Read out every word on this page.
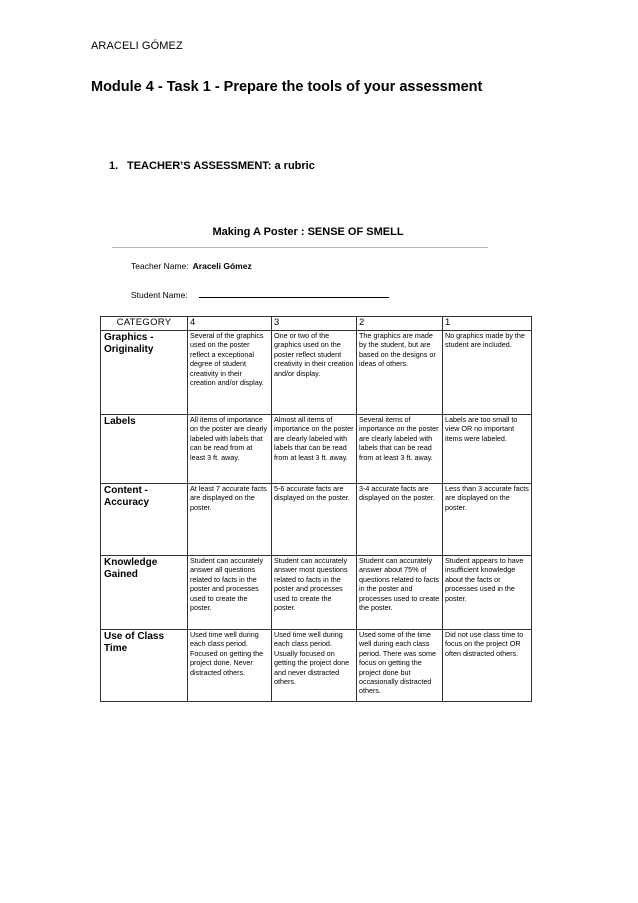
ARACELI GÓMEZ
Module 4 - Task 1 - Prepare the tools of your assessment
1. TEACHER’S ASSESSMENT: a rubric
Making A Poster : SENSE OF SMELL
Teacher Name: Araceli Gómez
Student Name:
CATEGORY	4	3	2	1
Graphics - Originality	Several of the graphics used on the poster reflect a exceptional degree of student creativity in their creation and/or display.	One or two of the graphics used on the poster reflect student creativity in their creation and/or display.	The graphics are made by the student, but are based on the designs or ideas of others.	No graphics made by the student are included.
Labels	All items of importance on the poster are clearly labeled with labels that can be read from at least 3 ft. away.	Almost all items of importance on the poster are clearly labeled with labels that can be read from at least 3 ft. away.	Several items of importance on the poster are clearly labeled with labels that can be read from at least 3 ft. away.	Labels are too small to view OR no important items were labeled.
Content - Accuracy	At least 7 accurate facts are displayed on the poster.	5-6 accurate facts are displayed on the poster.	3-4 accurate facts are displayed on the poster.	Less than 3 accurate facts are displayed on the poster.
Knowledge Gained	Student can accurately answer all questions related to facts in the poster and processes used to create the poster.	Student can accurately answer most questions related to facts in the poster and processes used to create the poster.	Student can accurately answer about 75% of questions related to facts in the poster and processes used to create the poster.	Student appears to have insufficient knowledge about the facts or processes used in the poster.
Use of Class Time	Used time well during each class period. Focused on getting the project done. Never distracted others.	Used time well during each class period. Usually focused on getting the project done and never distracted others.	Used some of the time well during each class period. There was some focus on getting the project done but occasionally distracted others.	Did not use class time to focus on the project OR often distracted others.
